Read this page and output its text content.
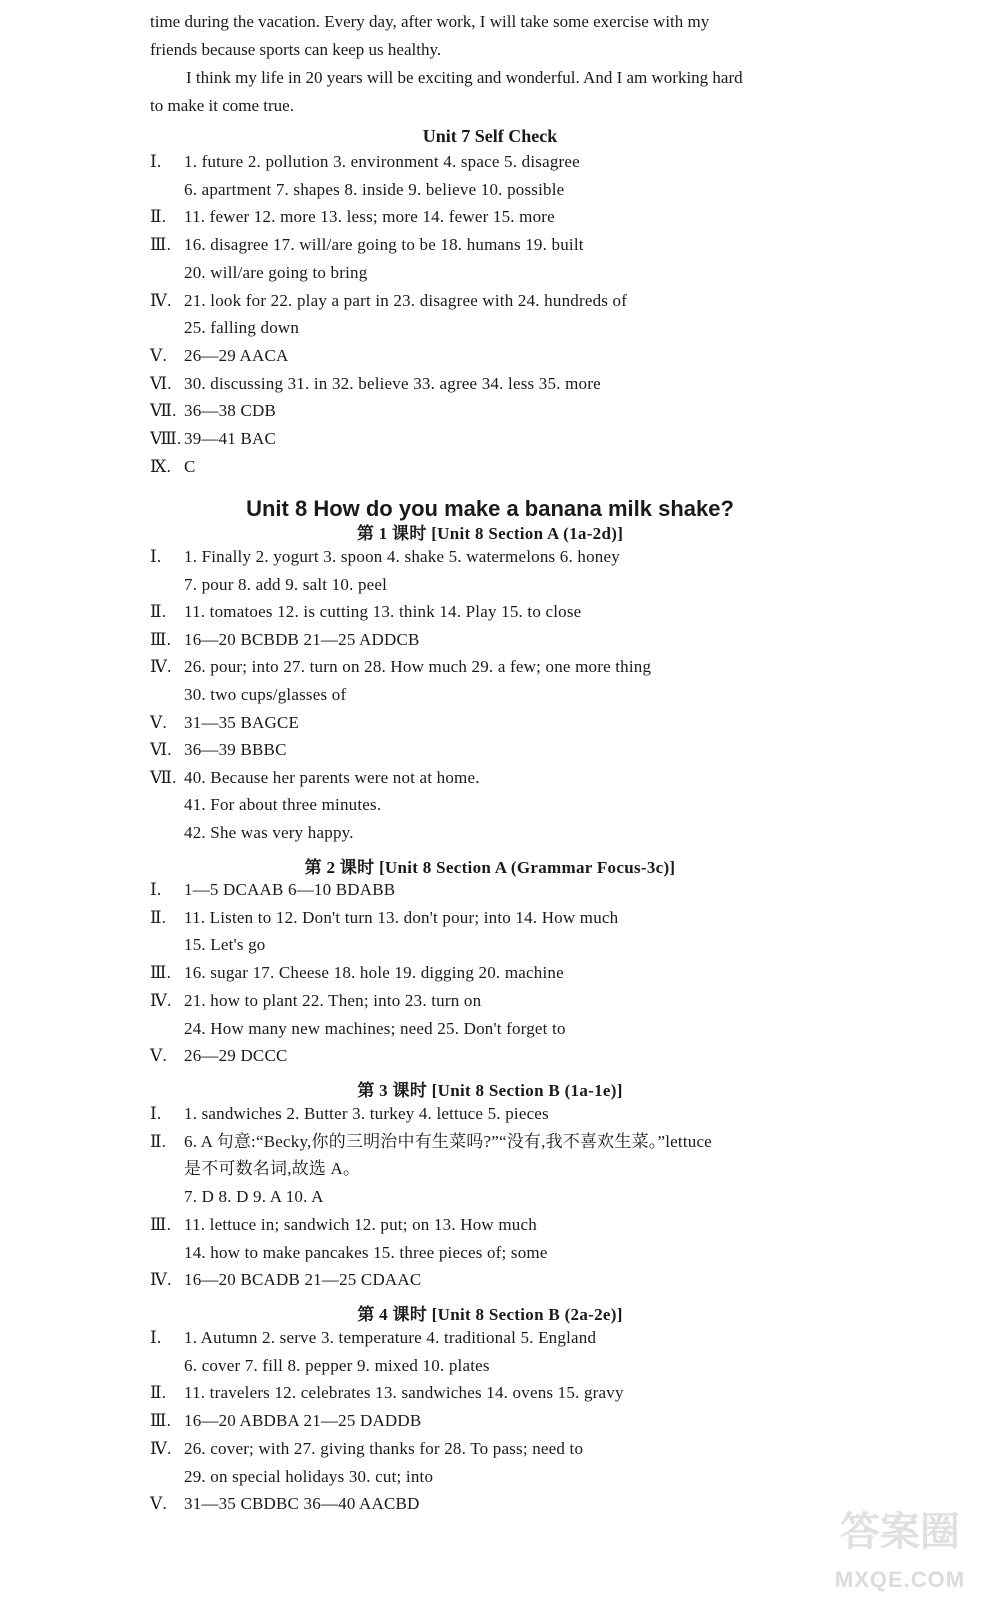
time during the vacation. Every day, after work, I will take some exercise with my
friends because sports can keep us healthy.
I think my life in 20 years will be exciting and wonderful. And I am working hard
to make it come true.
Unit 7 Self Check
Ⅰ. 1. future 2. pollution 3. environment 4. space 5. disagree
6. apartment 7. shapes 8. inside 9. believe 10. possible
Ⅱ. 11. fewer 12. more 13. less; more 14. fewer 15. more
Ⅲ. 16. disagree 17. will/are going to be 18. humans 19. built
20. will/are going to bring
Ⅳ. 21. look for 22. play a part in 23. disagree with 24. hundreds of
25. falling down
Ⅴ. 26—29 AACA
Ⅵ. 30. discussing 31. in 32. believe 33. agree 34. less 35. more
Ⅶ. 36—38 CDB
Ⅷ. 39—41 BAC
Ⅸ. C
Unit 8 How do you make a banana milk shake?
第 1 课时 [Unit 8 Section A (1a-2d)]
Ⅰ. 1. Finally 2. yogurt 3. spoon 4. shake 5. watermelons 6. honey
7. pour 8. add 9. salt 10. peel
Ⅱ. 11. tomatoes 12. is cutting 13. think 14. Play 15. to close
Ⅲ. 16—20 BCBDB 21—25 ADDCB
Ⅳ. 26. pour; into 27. turn on 28. How much 29. a few; one more thing
30. two cups/glasses of
Ⅴ. 31—35 BAGCE
Ⅵ. 36—39 BBBC
Ⅶ. 40. Because her parents were not at home.
41. For about three minutes.
42. She was very happy.
第 2 课时 [Unit 8 Section A (Grammar Focus-3c)]
Ⅰ. 1—5 DCAAB 6—10 BDABB
Ⅱ. 11. Listen to 12. Don't turn 13. don't pour; into 14. How much
15. Let's go
Ⅲ. 16. sugar 17. Cheese 18. hole 19. digging 20. machine
Ⅳ. 21. how to plant 22. Then; into 23. turn on
24. How many new machines; need 25. Don't forget to
Ⅴ. 26—29 DCCC
第 3 课时 [Unit 8 Section B (1a-1e)]
Ⅰ. 1. sandwiches 2. Butter 3. turkey 4. lettuce 5. pieces
Ⅱ. 6. A 句意:“Becky,你的三明治中有生菜吗?”“没有,我不喜欢生菜。”lettuce
是不可数名词,故选 A。
7. D 8. D 9. A 10. A
Ⅲ. 11. lettuce in; sandwich 12. put; on 13. How much
14. how to make pancakes 15. three pieces of; some
Ⅳ. 16—20 BCADB 21—25 CDAAC
第 4 课时 [Unit 8 Section B (2a-2e)]
Ⅰ. 1. Autumn 2. serve 3. temperature 4. traditional 5. England
6. cover 7. fill 8. pepper 9. mixed 10. plates
Ⅱ. 11. travelers 12. celebrates 13. sandwiches 14. ovens 15. gravy
Ⅲ. 16—20 ABDBA 21—25 DADDB
Ⅳ. 26. cover; with 27. giving thanks for 28. To pass; need to
29. on special holidays 30. cut; into
Ⅴ. 31—35 CBDBC 36—40 AACBD
答案圈
MXQE.COM
